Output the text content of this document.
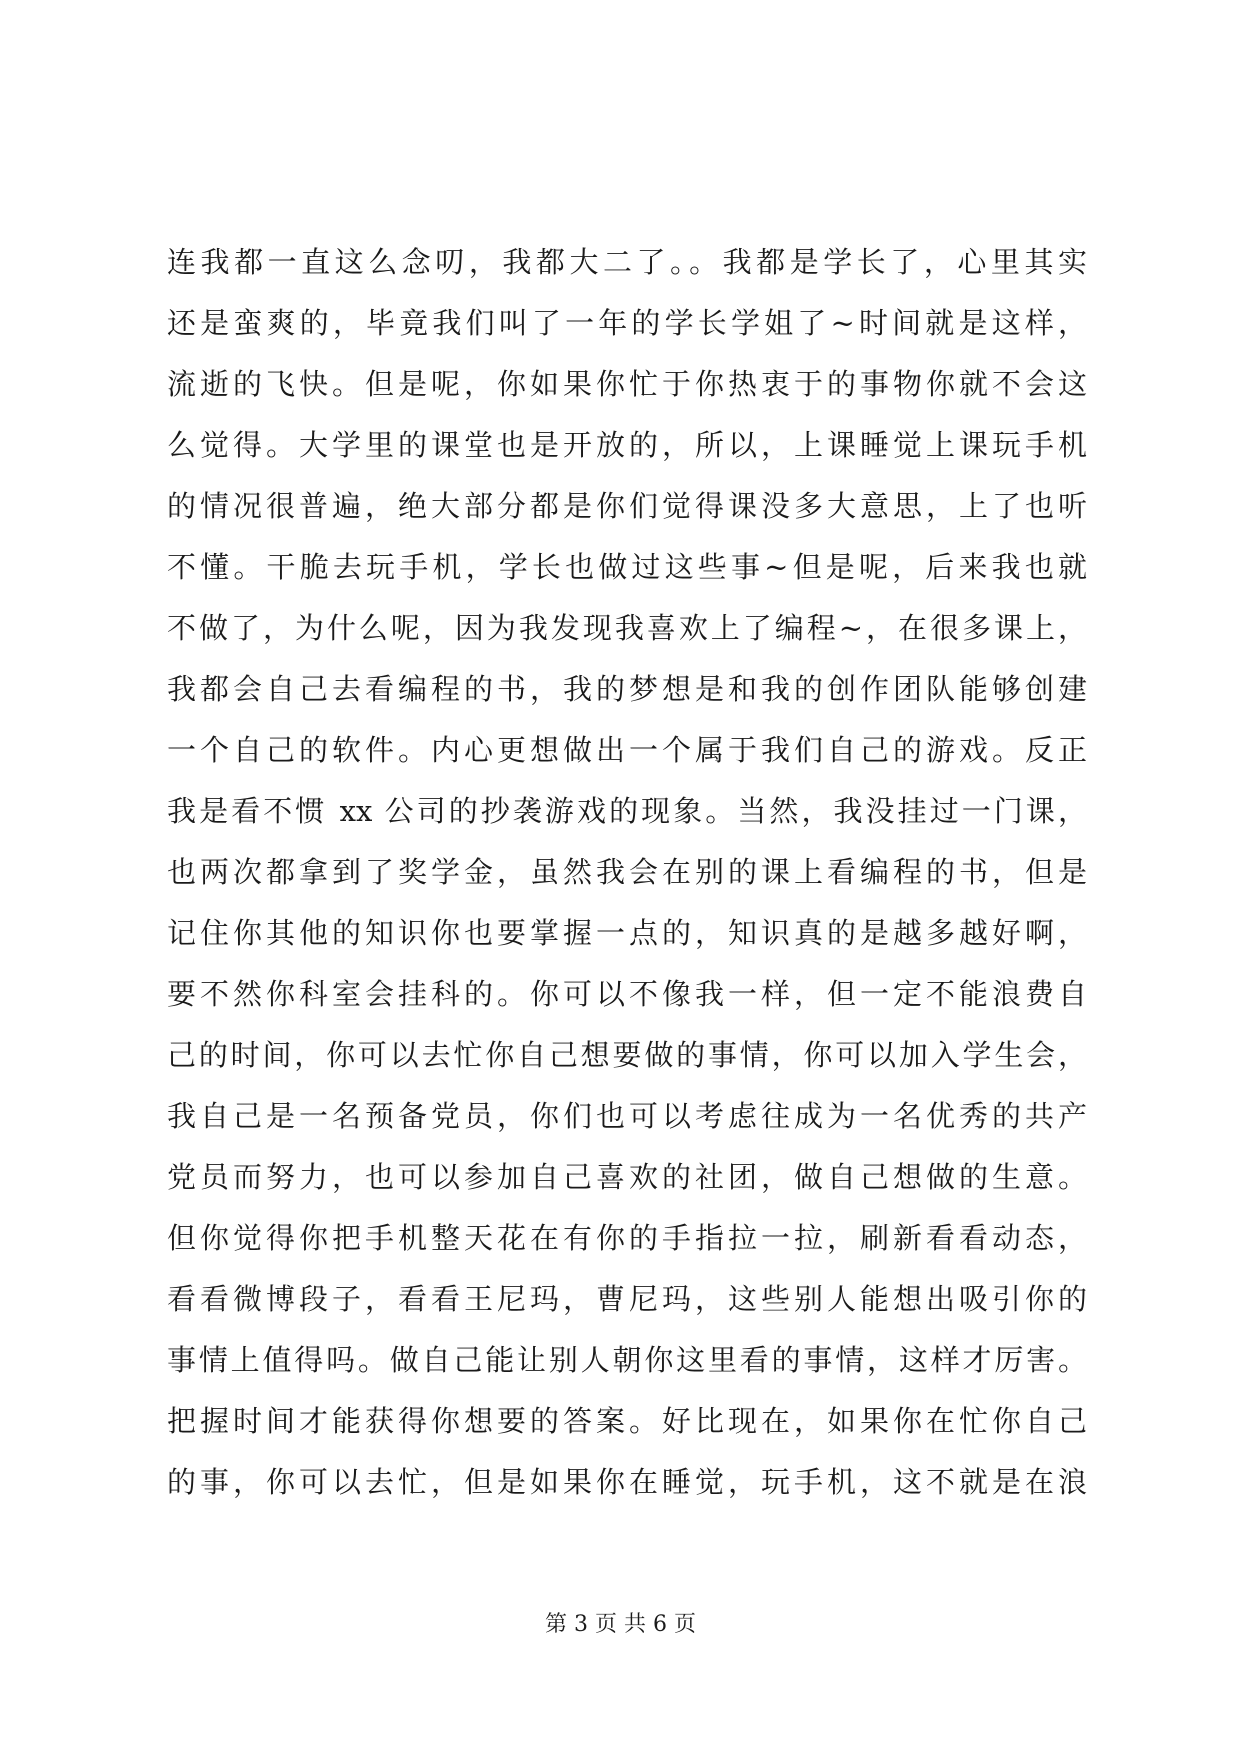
连我都一直这么念叨，我都大二了。。我都是学长了，心里其实
还是蛮爽的，毕竟我们叫了一年的学长学姐了~时间就是这样，
流逝的飞快。但是呢，你如果你忙于你热衷于的事物你就不会这
么觉得。大学里的课堂也是开放的，所以，上课睡觉上课玩手机
的情况很普遍，绝大部分都是你们觉得课没多大意思，上了也听
不懂。干脆去玩手机，学长也做过这些事~但是呢，后来我也就
不做了，为什么呢，因为我发现我喜欢上了编程~，在很多课上，
我都会自己去看编程的书，我的梦想是和我的创作团队能够创建
一个自己的软件。内心更想做出一个属于我们自己的游戏。反正
我是看不惯 xx 公司的抄袭游戏的现象。当然，我没挂过一门课，
也两次都拿到了奖学金，虽然我会在别的课上看编程的书，但是
记住你其他的知识你也要掌握一点的，知识真的是越多越好啊，
要不然你科室会挂科的。你可以不像我一样，但一定不能浪费自
己的时间，你可以去忙你自己想要做的事情，你可以加入学生会，
我自己是一名预备党员，你们也可以考虑往成为一名优秀的共产
党员而努力，也可以参加自己喜欢的社团，做自己想做的生意。
但你觉得你把手机整天花在有你的手指拉一拉，刷新看看动态，
看看微博段子，看看王尼玛，曹尼玛，这些别人能想出吸引你的
事情上值得吗。做自己能让别人朝你这里看的事情，这样才厉害。
把握时间才能获得你想要的答案。好比现在，如果你在忙你自己
的事，你可以去忙，但是如果你在睡觉，玩手机，这不就是在浪
第 3 页 共 6 页
